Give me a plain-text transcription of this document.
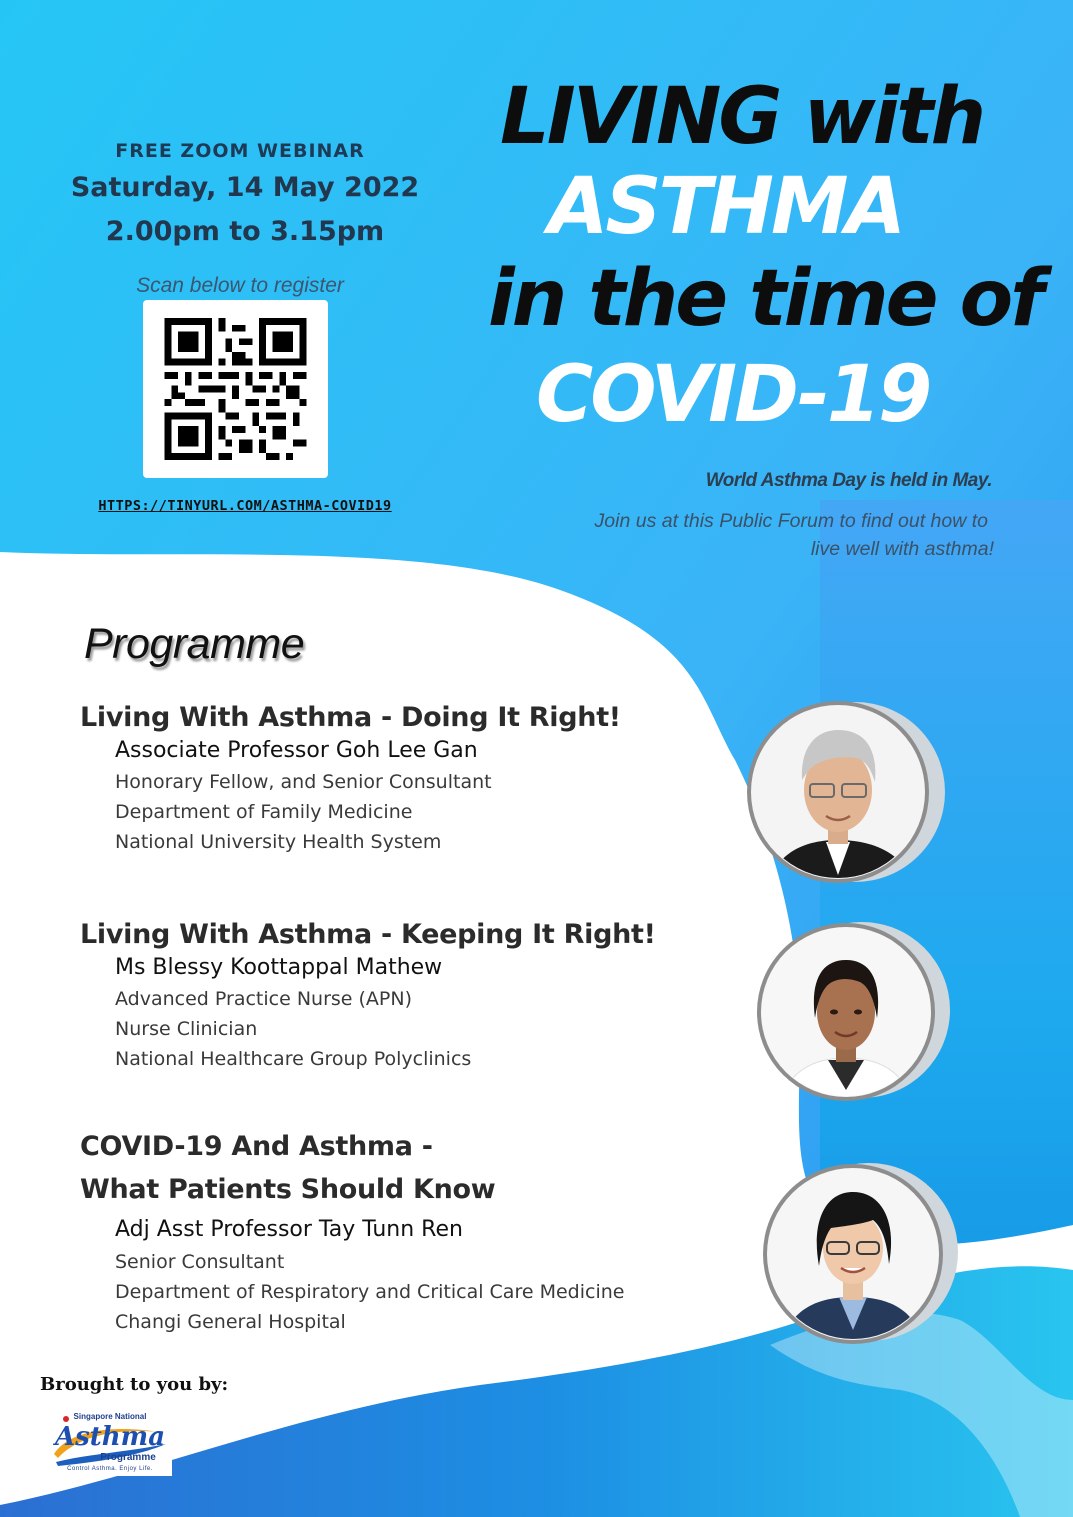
FREE ZOOM WEBINAR
Saturday, 14 May 2022
2.00pm to 3.15pm
Scan below to register
HTTPS://TINYURL.COM/ASTHMA-COVID19
LIVING with
ASTHMA
in the time of
COVID-19
World Asthma Day is held in May.
Join us at this Public Forum to find out how to
live well with asthma!
Programme
Living With Asthma - Doing It Right!
Associate Professor Goh Lee Gan
Honorary Fellow, and Senior Consultant
Department of Family Medicine
National University Health System
Living With Asthma - Keeping It Right!
Ms Blessy Koottappal Mathew
Advanced Practice Nurse (APN)
Nurse Clinician
National Healthcare Group Polyclinics
COVID-19 And Asthma -
What Patients Should Know
Adj Asst Professor Tay Tunn Ren
Senior Consultant
Department of Respiratory and Critical Care Medicine
Changi General Hospital
Brought to you by:
Singapore National
Asthma
Programme
Control Asthma. Enjoy Life.
